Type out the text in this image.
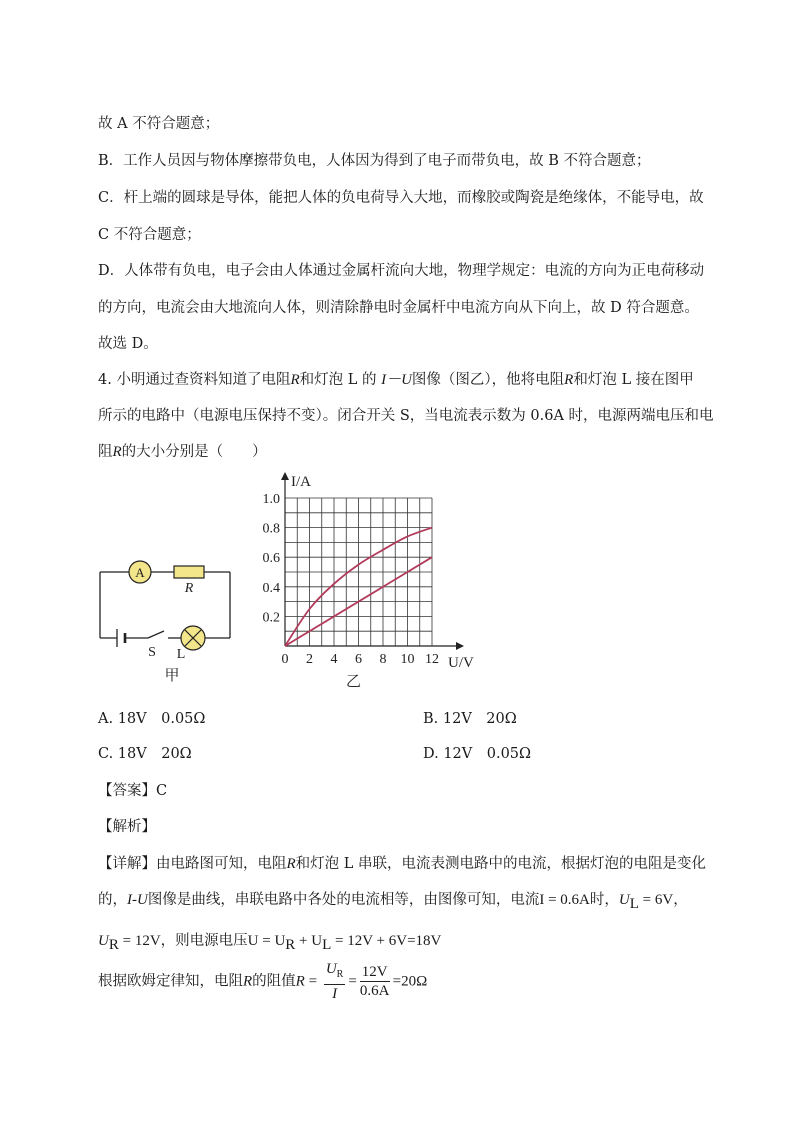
故 A 不符合题意；
B．工作人员因与物体摩擦带负电，人体因为得到了电子而带负电，故 B 不符合题意；
C．杆上端的圆球是导体，能把人体的负电荷导入大地，而橡胶或陶瓷是绝缘体，不能导电，故
C 不符合题意；
D．人体带有负电，电子会由人体通过金属杆流向大地，物理学规定：电流的方向为正电荷移动
的方向，电流会由大地流向人体，则清除静电时金属杆中电流方向从下向上，故 D 符合题意。
故选 D。
4. 小明通过查资料知道了电阻R和灯泡 L 的 I－U图像（图乙），他将电阻R和灯泡 L 接在图甲
所示的电路中（电源电压保持不变）。闭合开关 S，当电流表示数为 0.6A 时，电源两端电压和电
阻R的大小分别是（　　）
A
R
S L
甲
0 2 4 6 8 10 12
0.2
0.4
0.6
0.8
1.0
I/A
U/V
乙
A. 18V　0.05Ω	B. 12V　20Ω
C. 18V　20Ω	D. 12V　0.05Ω
【答案】C
【解析】
【详解】由电路图可知，电阻R和灯泡 L 串联，电流表测电路中的电流，根据灯泡的电阻是变化
的，I-U图像是曲线，串联电路中各处的电流相等，由图像可知，电流I = 0.6A时，$U_L = 6V$，
$U_R = 12V$，则电源电压$U = U_R + U_L = 12V + 6V=18V$
根据欧姆定律知，电阻R的阻值$R = \frac{U_R}{I} = \frac{12V}{0.6A} =20\Omega$
